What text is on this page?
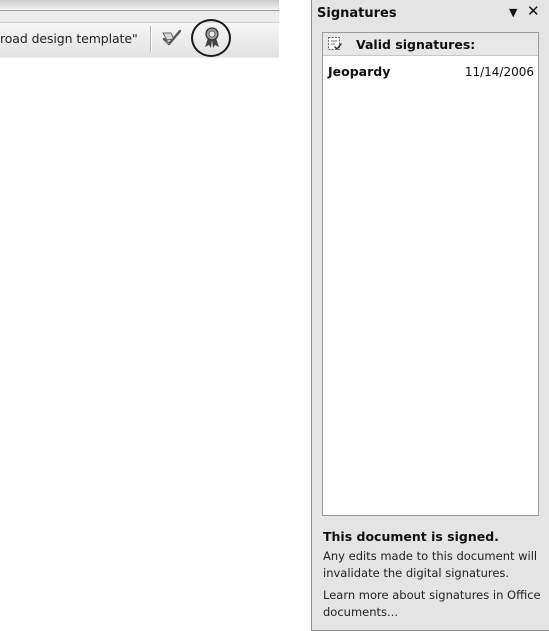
road design template"
Signatures	▼ ✕
Valid signatures:
Jeopardy	11/14/2006
This document is signed.
Any edits made to this document will invalidate the digital signatures.
Learn more about signatures in Office documents...
